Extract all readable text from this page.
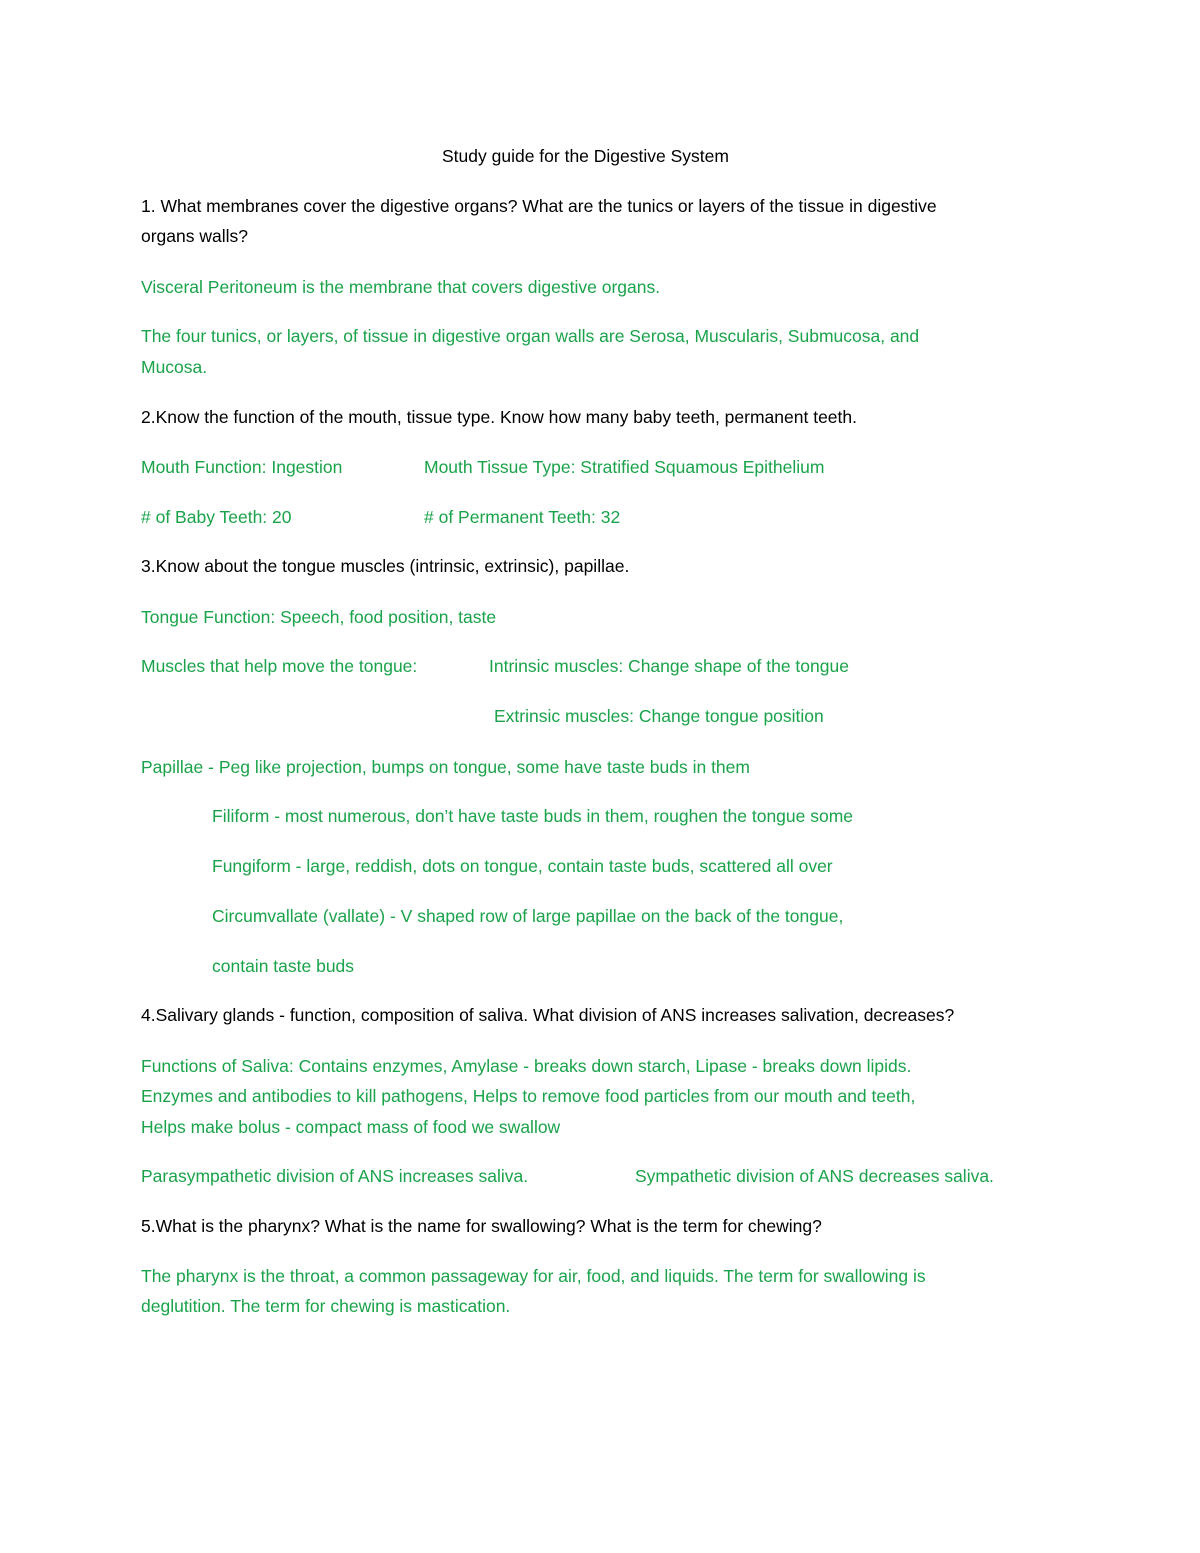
Study guide for the Digestive System
1. What membranes cover the digestive organs? What are the tunics or layers of the tissue in digestive
organs walls?
Visceral Peritoneum is the membrane that covers digestive organs.
The four tunics, or layers, of tissue in digestive organ walls are Serosa, Muscularis, Submucosa, and
Mucosa.
2.Know the function of the mouth, tissue type. Know how many baby teeth, permanent teeth.
Mouth Function: Ingestion	Mouth Tissue Type: Stratified Squamous Epithelium
# of Baby Teeth: 20	# of Permanent Teeth: 32
3.Know about the tongue muscles (intrinsic, extrinsic), papillae.
Tongue Function: Speech, food position, taste
Muscles that help move the tongue:	Intrinsic muscles: Change shape of the tongue
Extrinsic muscles: Change tongue position
Papillae - Peg like projection, bumps on tongue, some have taste buds in them
Filiform - most numerous, don’t have taste buds in them, roughen the tongue some
Fungiform - large, reddish, dots on tongue, contain taste buds, scattered all over
Circumvallate (vallate) - V shaped row of large papillae on the back of the tongue,
contain taste buds
4.Salivary glands - function, composition of saliva. What division of ANS increases salivation, decreases?
Functions of Saliva: Contains enzymes, Amylase - breaks down starch, Lipase - breaks down lipids.
Enzymes and antibodies to kill pathogens, Helps to remove food particles from our mouth and teeth,
Helps make bolus - compact mass of food we swallow
Parasympathetic division of ANS increases saliva.	Sympathetic division of ANS decreases saliva.
5.What is the pharynx? What is the name for swallowing? What is the term for chewing?
The pharynx is the throat, a common passageway for air, food, and liquids. The term for swallowing is
deglutition. The term for chewing is mastication.
